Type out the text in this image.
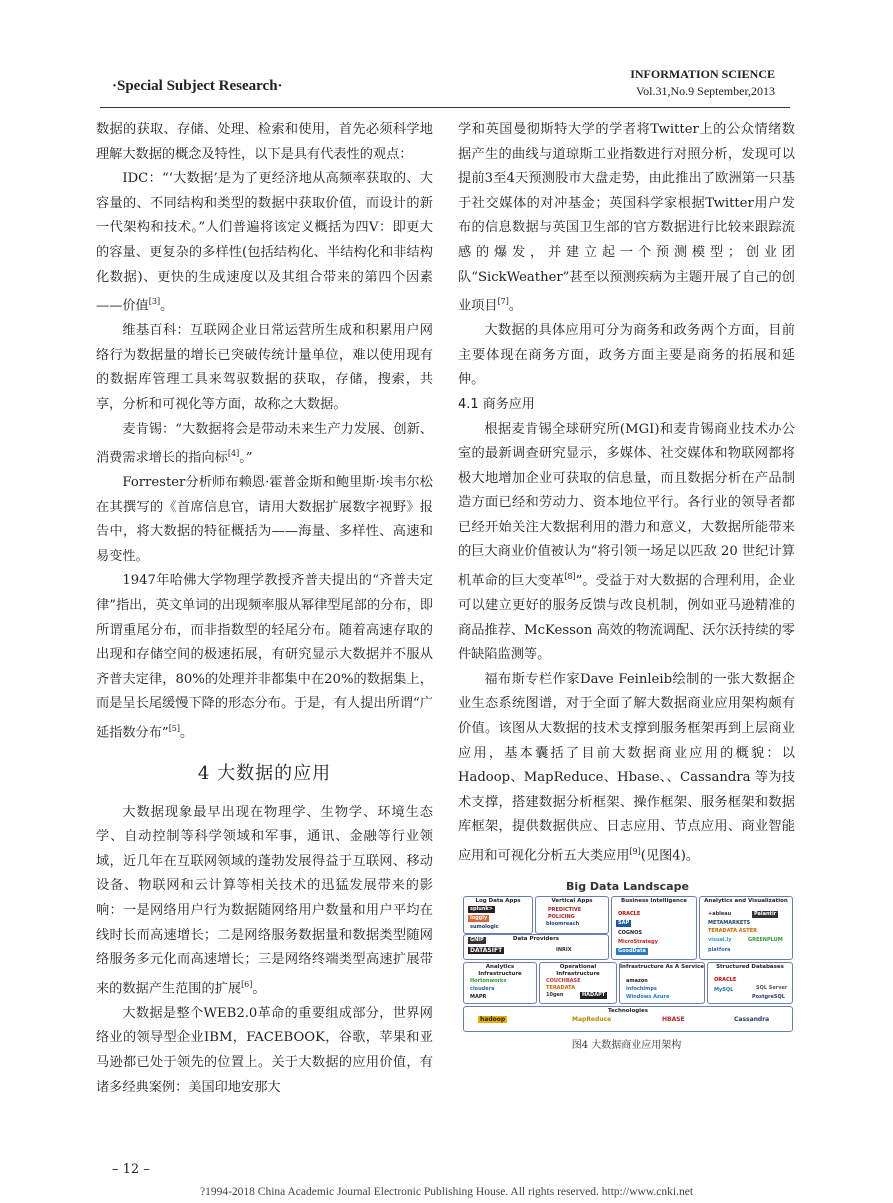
·Special Subject Research·
INFORMATION SCIENCE
Vol.31,No.9 September,2013

数据的获取、存储、处理、检索和使用，首先必须科学地理解大数据的概念及特性，以下是具有代表性的观点：

IDC：“‘大数据’是为了更经济地从高频率获取的、大容量的、不同结构和类型的数据中获取价值，而设计的新一代架构和技术。”人们普遍将该定义概括为四V：即更大的容量、更复杂的多样性(包括结构化、半结构化和非结构化数据)、更快的生成速度以及其组合带来的第四个因素——价值[3]。

维基百科：互联网企业日常运营所生成和积累用户网络行为数据量的增长已突破传统计量单位，难以使用现有的数据库管理工具来驾驭数据的获取，存储，搜索，共享，分析和可视化等方面，故称之大数据。

麦肯锡：“大数据将会是带动未来生产力发展、创新、消费需求增长的指向标[4]。”

Forrester分析师布赖恩·霍普金斯和鲍里斯·埃韦尔松在其撰写的《首席信息官，请用大数据扩展数字视野》报告中，将大数据的特征概括为——海量、多样性、高速和易变性。

1947年哈佛大学物理学教授齐普夫提出的“齐普夫定律”指出，英文单词的出现频率服从幂律型尾部的分布，即所谓重尾分布，而非指数型的轻尾分布。随着高速存取的出现和存储空间的极速拓展，有研究显示大数据并不服从齐普夫定律，80%的处理并非都集中在20%的数据集上，而是呈长尾缓慢下降的形态分布。于是，有人提出所谓“广延指数分布”[5]。

4 大数据的应用

大数据现象最早出现在物理学、生物学、环境生态学、自动控制等科学领域和军事，通讯、金融等行业领域，近几年在互联网领域的蓬勃发展得益于互联网、移动设备、物联网和云计算等相关技术的迅猛发展带来的影响：一是网络用户行为数据随网络用户数量和用户平均在线时长而高速增长；二是网络服务数据量和数据类型随网络服务多元化而高速增长；三是网络终端类型高速扩展带来的数据产生范围的扩展[6]。

大数据是整个WEB2.0革命的重要组成部分，世界网络业的领导型企业IBM，FACEBOOK，谷歌，苹果和亚马逊都已处于领先的位置上。关于大数据的应用价值，有诸多经典案例：美国印地安那大

学和英国曼彻斯特大学的学者将Twitter上的公众情绪数据产生的曲线与道琼斯工业指数进行对照分析，发现可以提前3至4天预测股市大盘走势，由此推出了欧洲第一只基于社交媒体的对冲基金；英国科学家根据Twitter用户发布的信息数据与英国卫生部的官方数据进行比较来跟踪流感的爆发，并建立起一个预测模型；创业团队“SickWeather”甚至以预测疾病为主题开展了自己的创业项目[7]。

大数据的具体应用可分为商务和政务两个方面，目前主要体现在商务方面，政务方面主要是商务的拓展和延伸。

4.1 商务应用

根据麦肯锡全球研究所(MGI)和麦肯锡商业技术办公室的最新调查研究显示，多媒体、社交媒体和物联网都将极大地增加企业可获取的信息量，而且数据分析在产品制造方面已经和劳动力、资本地位平行。各行业的领导者都已经开始关注大数据利用的潜力和意义，大数据所能带来的巨大商业价值被认为“将引领一场足以匹敌 20 世纪计算机革命的巨大变革[8]”。受益于对大数据的合理利用，企业可以建立更好的服务反馈与改良机制，例如亚马逊精准的商品推荐、McKesson 高效的物流调配、沃尔沃持续的零件缺陷监测等。

福布斯专栏作家Dave Feinleib绘制的一张大数据企业生态系统图谱，对于全面了解大数据商业应用架构颇有价值。该图从大数据的技术支撑到服务框架再到上层商业应用，基本囊括了目前大数据商业应用的概貌：以 Hadoop、MapReduce、Hbase、、Cassandra 等为技术支撑，搭建数据分析框架、操作框架、服务框架和数据库框架，提供数据供应、日志应用、节点应用、商业智能应用和可视化分析五大类应用[9](见图4)。

Big Data Landscape
Log Data Apps
splunk>
loggly
sumologic
Vertical Apps
PREDICTIVE POLICING
bloomreach
Business Intelligence
ORACLE
SAP
COGNOS
MicroStrategy
GoodData
Analytics and Visualization
+ableau	Palantir
METAMARKETS
TERADATA ASTER
visual.ly	GREENPLUM
platfora
Data Providers
GNIP
DATASIFT	INRIX
Analytics Infrastructure
Hortonworks
cloudera
MAPR
Operational Infrastructure
COUCHBASE
TERADATA
10gen	HADAPT
Infrastructure As A Service
amazon
infochimps
Windows Azure
Structured Databases
ORACLE
MySQL	SQL Server
PostgreSQL
Technologies
hadoop	MapReduce	HBASE	Cassandra
图4 大数据商业应用架构
– 12 –
?1994-2018 China Academic Journal Electronic Publishing House. All rights reserved. http://www.cnki.net
